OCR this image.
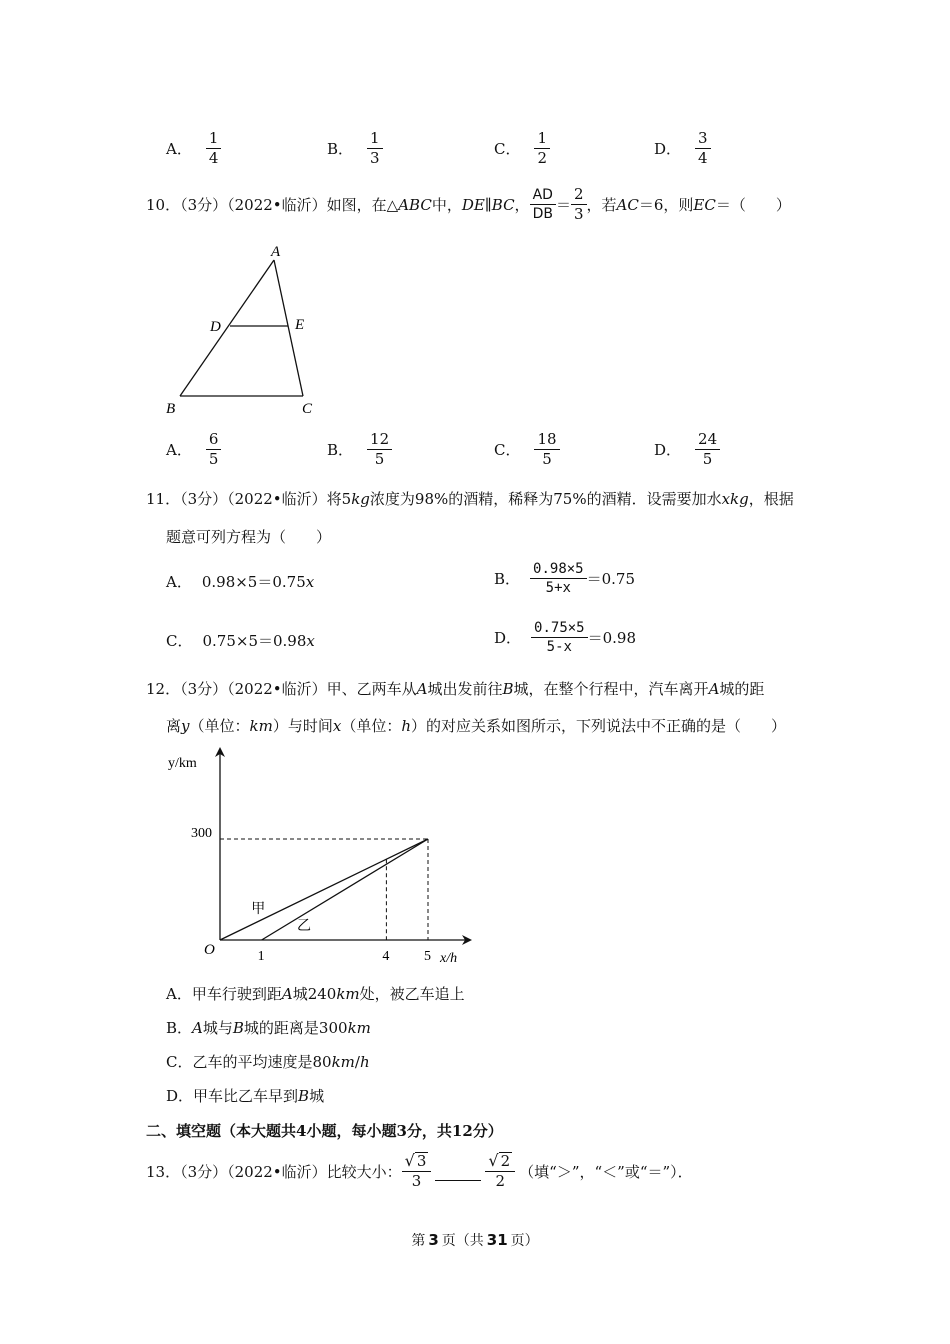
A． $\frac{1}{4}$	B． $\frac{1}{3}$	C． $\frac{1}{2}$	D． $\frac{3}{4}$
10．（3分）（2022•临沂）如图，在△ ABC 中， DE ∥ BC ， $\frac{AD}{DB} = \frac{2}{3}$ ，若 AC ＝6，则 EC ＝（　　）
A
B	C
D	E
A． $\frac{6}{5}$	B． $\frac{12}{5}$	C． $\frac{18}{5}$	D． $\frac{24}{5}$
11．（3分）（2022•临沂）将5 kg 浓度为98%的酒精，稀释为75%的酒精．设需要加水 xkg ，根据
题意可列方程为（　　）
A． 0.98×5＝0.75 x	B． $\frac{0.98\times 5}{5+x} =0.75$
C． 0.75×5＝0.98 x	D． $\frac{0.75\times 5}{5-x} =0.98$
12．（3分）（2022•临沂）甲、乙两车从 A 城出发前往 B 城，在整个行程中，汽车离开 A 城的距
离 y （单位： km ）与时间 x （单位： h ）的对应关系如图所示，下列说法中不正确的是（　　）
y/km
x/h
O
甲
乙
1	4 5
300
A．甲车行驶到距 A 城240 km 处，被乙车追上
B． A 城与 B 城的距离是300 km
C．乙车的平均速度是80 km / h
D．甲车比乙车早到 B 城
二、填空题（本大题共4小题，每小题3分，共12分）
13．（3分）（2022•临沂）比较大小： $\frac{√ 3}{3}$	$\frac{√ 2}{2}$ （填“＞”，“＜”或“＝”）．
第 3 页（共 31 页）
